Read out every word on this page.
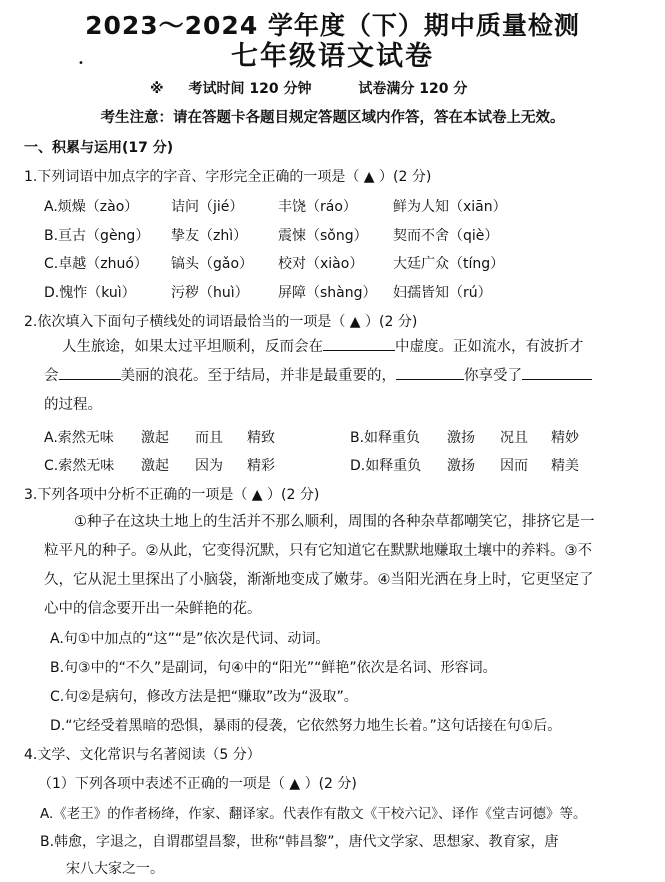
2023～2024 学年度（下）期中质量检测
七年级语文试卷
•
※ 考试时间 120 分钟	试卷满分 120 分
考生注意：请在答题卡各题目规定答题区域内作答，答在本试卷上无效。
一、积累与运用(17 分)
1.下列词语中加点字的字音、字形完全正确的一项是（ ▲ ）(2 分)
A.烦燥（zào） 诘问（jié） 丰饶（ráo）	鲜为人知（xiān）
B.亘古（gèng） 挚友（zhì） 震悚（sǒng） 契而不舍（qiè）
C.卓越（zhuó） 镐头（gǎo） 校对（xiào） 大廷广众（tíng）
D.愧怍（kuì）	污秽（huì） 屏障（shàng） 妇孺皆知（rú）
2.依次填入下面句子横线处的词语最恰当的一项是（ ▲ ）(2 分)
人生旅途，如果太过平坦顺利，反而会在	中虚度。正如流水，有波折才
会	美丽的浪花。至于结局，并非是最重要的，	你享受了
的过程。
A.索然无味 激起 而且 精致	B.如释重负 激扬 况且 精妙
C.索然无味 激起 因为 精彩	D.如释重负 激扬 因而 精美
3.下列各项中分析不正确的一项是（ ▲ ）(2 分)
①种子在这块土地上的生活并不那么顺利，周围的各种杂草都嘲笑它，排挤它是一
粒平凡的种子。②从此，它变得沉默，只有它知道它在默默地赚取土壤中的养料。③不
久，它从泥土里探出了小脑袋，渐渐地变成了嫩芽。④当阳光洒在身上时，它更坚定了
心中的信念要开出一朵鲜艳的花。
A.句①中加点的“这”“是”依次是代词、动词。
B.句③中的“不久”是副词，句④中的“阳光”“鲜艳”依次是名词、形容词。
C.句②是病句，修改方法是把“赚取”改为“汲取”。
D.“它经受着黑暗的恐惧，暴雨的侵袭，它依然努力地生长着。”这句话接在句①后。
4.文学、文化常识与名著阅读（5 分）
（1）下列各项中表述不正确的一项是（ ▲ ）(2 分)
A.《老王》的作者杨绛，作家、翻译家。代表作有散文《干校六记》、译作《堂吉诃德》等。
B.韩愈，字退之，自谓郡望昌黎，世称“韩昌黎”，唐代文学家、思想家、教育家，唐
宋八大家之一。
